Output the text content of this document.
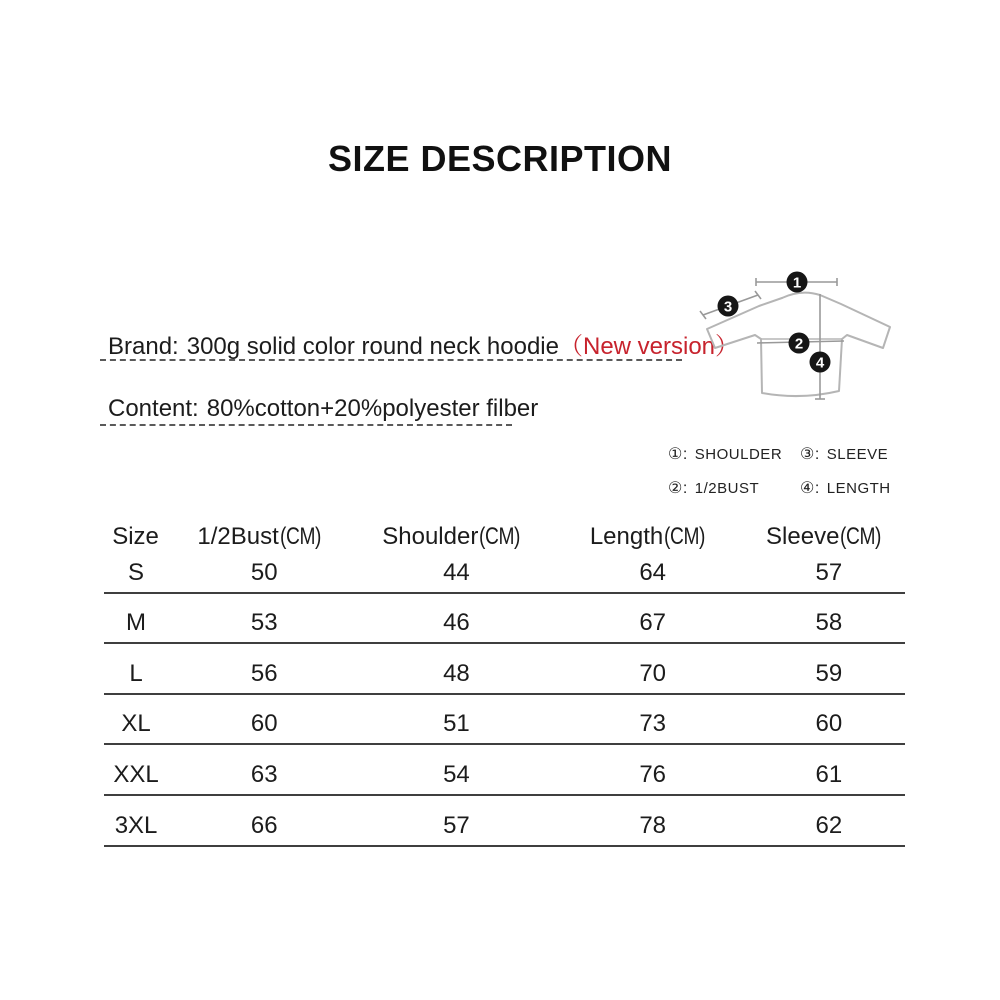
SIZE DESCRIPTION
Brand: 300g solid color round neck hoodie（New version）
Content: 80%cotton+20%polyester filber
1
3
2
4
①: SHOULDER	③: SLEEVE
②: 1/2BUST	④: LENGTH
Size	1/2Bust(CM)	Shoulder(CM)	Length(CM)	Sleeve(CM)
S	50	44	64	57
M	53	46	67	58
L	56	48	70	59
XL	60	51	73	60
XXL	63	54	76	61
3XL	66	57	78	62
